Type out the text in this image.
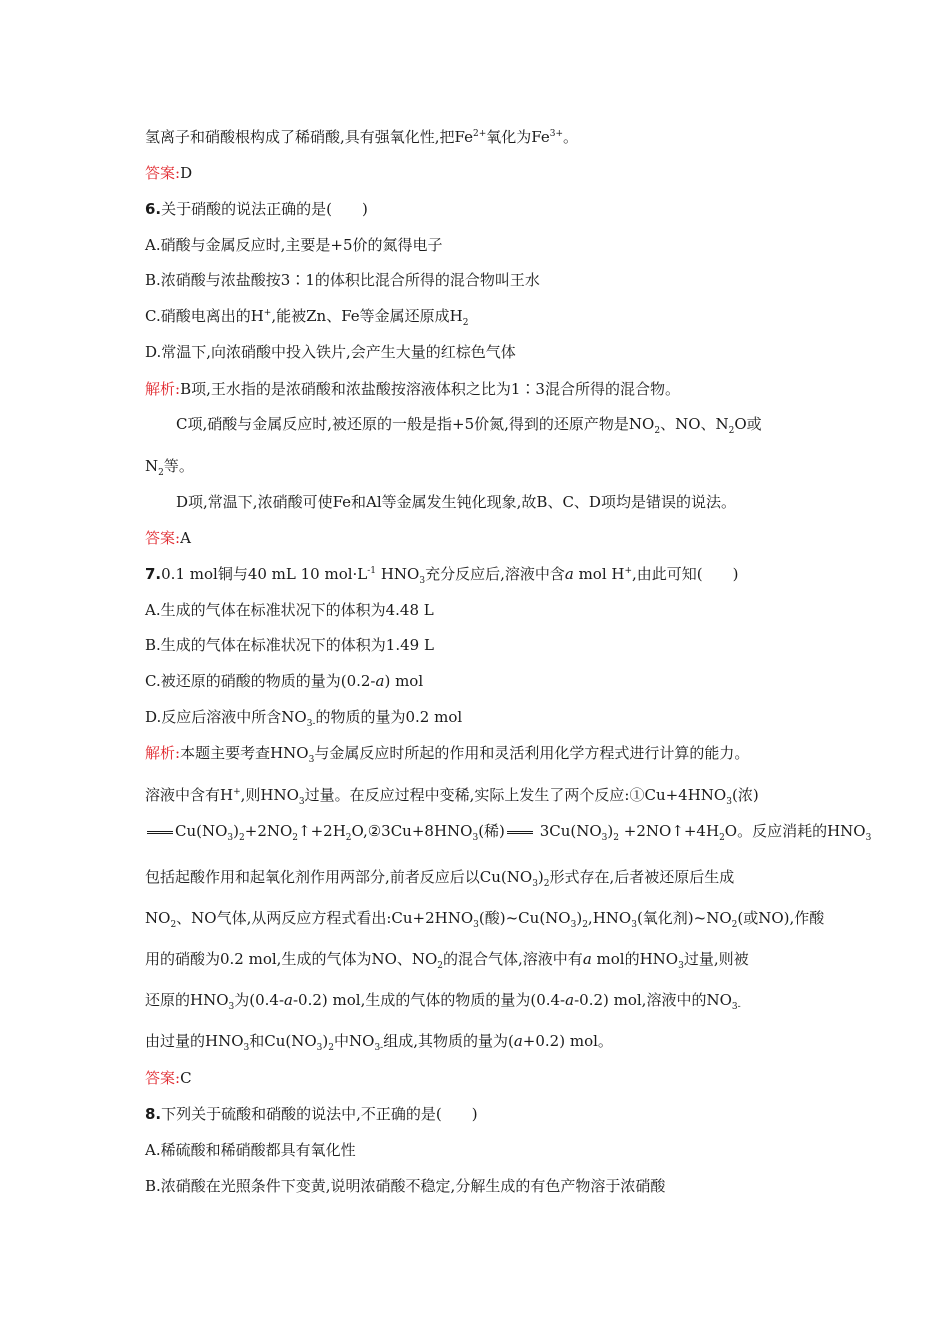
氢离子和硝酸根构成了稀硝酸,具有强氧化性,把$Fe^{2+}$氧化为$Fe^{3+}$。
答案:D
6.关于硝酸的说法正确的是(　　)
A.硝酸与金属反应时,主要是+5价的氮得电子
B.浓硝酸与浓盐酸按3∶1的体积比混合所得的混合物叫王水
C.硝酸电离出的H+,能被Zn、Fe等金属还原成$H_2$
D.常温下,向浓硝酸中投入铁片,会产生大量的红棕色气体
解析:B项,王水指的是浓硝酸和浓盐酸按溶液体积之比为1∶3混合所得的混合物。
C项,硝酸与金属反应时,被还原的一般是指+5价氮,得到的还原产物是$NO_2$、NO、$N_2O$或
$N_2$等。
D项,常温下,浓硝酸可使Fe和Al等金属发生钝化现象,故B、C、D项均是错误的说法。
答案:A
7.0.1 mol铜与40 mL 10 $mol\cdot L^{-1}$ $HNO_3$充分反应后,溶液中含a mol H+,由此可知(　　)
A.生成的气体在标准状况下的体积为4.48 L
B.生成的气体在标准状况下的体积为1.49 L
C.被还原的硝酸的物质的量为(0.2-a) mol
D.反应后溶液中所含$NO_{3-}$的物质的量为0.2 mol
解析:本题主要考查$HNO_3$与金属反应时所起的作用和灵活利用化学方程式进行计算的能力。
溶液中含有H+,则$HNO_3$过量。在反应过程中变稀,实际上发生了两个反应$:①Cu+4HNO_3$(浓)
$Cu(NO_3)_2+2NO_2↑+2H_2O,②3Cu+8HNO_3$(稀) $3Cu(NO_3)_2$ $+2NO↑+4H_2O$。反应消耗的$HNO_3$
包括起酸作用和起氧化剂作用两部分,前者反应后以$Cu(NO_3)_2$形式存在,后者被还原后生成
$NO_2$、NO气体,从两反应方程式看出$:Cu+2HNO_3$(酸)$\sim Cu(NO_3)_2,HNO_3$(氧化剂)$\sim NO_2$(或NO),作酸
用的硝酸为0.2 mol,生成的气体为NO、$NO_2$的混合气体,溶液中有a mol的$HNO_3$过量,则被
还原的$HNO_3$为(0.4-a-0.2) mol,生成的气体的物质的量为(0.4-a-0.2) mol,溶液中的$NO_{3-}$
由过量的$HNO_3$和$Cu(NO_3)_2$中$NO_{3-}$组成,其物质的量为(a+0.2) mol。
答案:C
8.下列关于硫酸和硝酸的说法中,不正确的是(　　)
A.稀硫酸和稀硝酸都具有氧化性
B.浓硝酸在光照条件下变黄,说明浓硝酸不稳定,分解生成的有色产物溶于浓硝酸
